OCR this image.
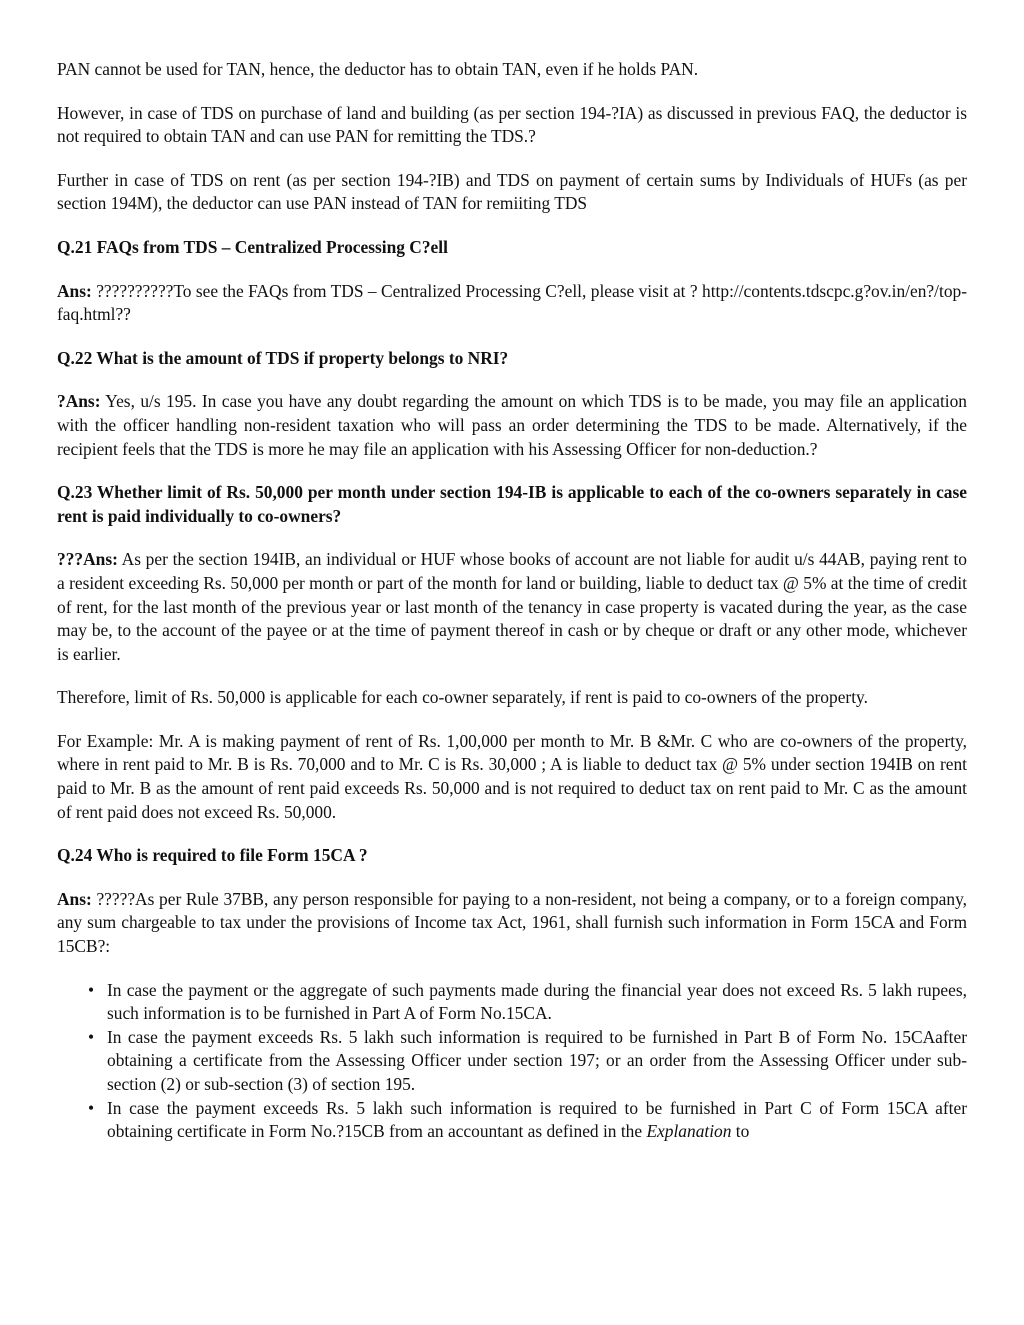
PAN cannot be used for TAN, hence, the deductor has to obtain TAN, even if he holds PAN.

However, in case of TDS on purchase of land and building (as per section 194-?IA) as discussed in previous FAQ, the deductor is not required to obtain TAN and can use PAN for remitting the TDS.?

Further in case of TDS on rent (as per section 194-?IB) and TDS on payment of certain sums by Individuals of HUFs (as per section 194M), the deductor can use PAN instead of TAN for remiiting TDS

Q.21 FAQs from TDS – Centralized Processing C?ell

Ans: ??????????To see the FAQs from TDS – Centralized Processing C?ell, please visit at ? http://contents.tdscpc.g?ov.in/en?/top-faq.html??

Q.22 What is the amount of TDS if property belongs to NRI?

?Ans: Yes, u/s 195. In case you have any doubt regarding the amount on which TDS is to be made, you may file an application with the officer handling non-resident taxation who will pass an order determining the TDS to be made. Alternatively, if the recipient feels that the TDS is more he may file an application with his Assessing Officer for non-deduction.?

Q.23 Whether limit of Rs. 50,000 per month under section 194-IB is applicable to each of the co-owners separately in case rent is paid individually to co-owners?

???Ans: As per the section 194IB, an individual or HUF whose books of account are not liable for audit u/s 44AB, paying rent to a resident exceeding Rs. 50,000 per month or part of the month for land or building, liable to deduct tax @ 5% at the time of credit of rent, for the last month of the previous year or last month of the tenancy in case property is vacated during the year, as the case may be, to the account of the payee or at the time of payment thereof in cash or by cheque or draft or any other mode, whichever is earlier.

Therefore, limit of Rs. 50,000 is applicable for each co-owner separately, if rent is paid to co-owners of the property.

For Example: Mr. A is making payment of rent of Rs. 1,00,000 per month to Mr. B &Mr. C who are co-owners of the property, where in rent paid to Mr. B is Rs. 70,000 and to Mr. C is Rs. 30,000 ; A is liable to deduct tax @ 5% under section 194IB on rent paid to Mr. B as the amount of rent paid exceeds Rs. 50,000 and is not required to deduct tax on rent paid to Mr. C as the amount of rent paid does not exceed Rs. 50,000.

Q.24 Who is required to file Form 15CA ?

Ans: ?????As per Rule 37BB, any person responsible for paying to a non-resident, not being a company, or to a foreign company, any sum chargeable to tax under the provisions of Income tax Act, 1961, shall furnish such information in Form 15CA and Form 15CB?:

• In case the payment or the aggregate of such payments made during the financial year does not exceed Rs. 5 lakh rupees, such information is to be furnished in Part A of Form No.15CA.
• In case the payment exceeds Rs. 5 lakh such information is required to be furnished in Part B of Form No. 15CAafter obtaining a certificate from the Assessing Officer under section 197; or an order from the Assessing Officer under sub-section (2) or sub-section (3) of section 195.
• In case the payment exceeds Rs. 5 lakh such information is required to be furnished in Part C of Form 15CA after obtaining certificate in Form No.?15CB from an accountant as defined in the Explanation to
